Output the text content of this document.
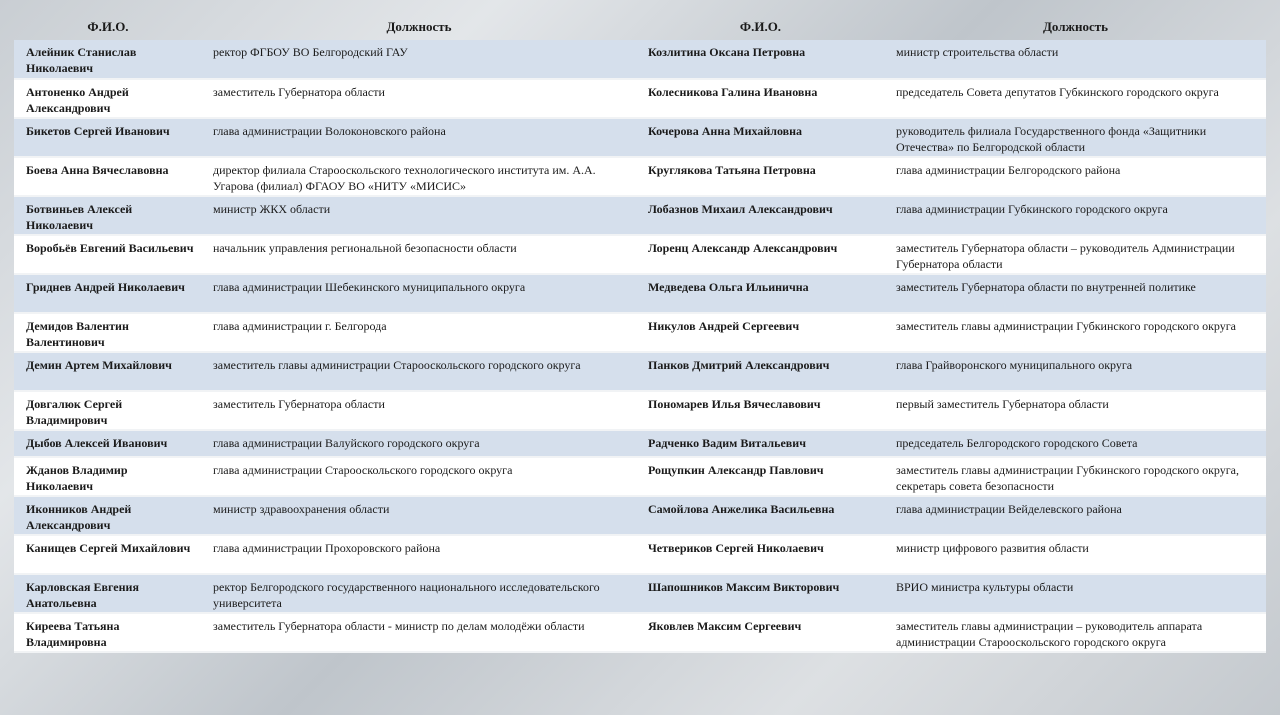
Ф.И.О.	Должность	Ф.И.О.	Должность
Алейник Станислав Николаевич	ректор ФГБОУ ВО Белгородский ГАУ	Козлитина Оксана Петровна	министр строительства области
Антоненко Андрей Александрович	заместитель Губернатора области	Колесникова Галина Ивановна	председатель Совета депутатов Губкинского городского округа
Бикетов Сергей Иванович	глава администрации Волоконовского района	Кочерова Анна Михайловна	руководитель филиала Государственного фонда «Защитники Отечества» по Белгородской области
Боева Анна Вячеславовна	директор филиала Старооскольского технологического института им. А.А. Угарова (филиал) ФГАОУ ВО «НИТУ «МИСИС»	Круглякова Татьяна Петровна	глава администрации Белгородского района
Ботвиньев Алексей Николаевич	министр ЖКХ области	Лобазнов Михаил Александрович	глава администрации Губкинского городского округа
Воробьёв Евгений Васильевич	начальник управления региональной безопасности области	Лоренц Александр Александрович	заместитель Губернатора области – руководитель Администрации Губернатора области
Гриднев Андрей Николаевич	глава администрации Шебекинского муниципального округа	Медведева Ольга Ильинична	заместитель Губернатора области по внутренней политике
Демидов Валентин Валентинович	глава администрации г. Белгорода	Никулов Андрей Сергеевич	заместитель главы администрации Губкинского городского округа
Демин Артем Михайлович	заместитель главы администрации Старооскольского городского округа	Панков Дмитрий Александрович	глава Грайворонского муниципального округа
Довгалюк Сергей Владимирович	заместитель Губернатора области	Пономарев Илья Вячеславович	первый заместитель Губернатора области
Дыбов Алексей Иванович	глава администрации Валуйского городского округа	Радченко Вадим Витальевич	председатель Белгородского городского Совета
Жданов Владимир Николаевич	глава администрации Старооскольского городского округа	Рощупкин Александр Павлович	заместитель главы администрации Губкинского городского округа, секретарь совета безопасности
Иконников Андрей Александрович	министр здравоохранения области	Самойлова Анжелика Васильевна	глава администрации Вейделевского района
Канищев Сергей Михайлович	глава администрации Прохоровского района	Четвериков Сергей Николаевич	министр цифрового развития области
Карловская Евгения Анатольевна	ректор Белгородского государственного национального исследовательского университета	Шапошников Максим Викторович	ВРИО министра культуры области
Киреева Татьяна Владимировна	заместитель Губернатора области - министр по делам молодёжи области	Яковлев Максим Сергеевич	заместитель главы администрации – руководитель аппарата администрации Старооскольского городского округа
